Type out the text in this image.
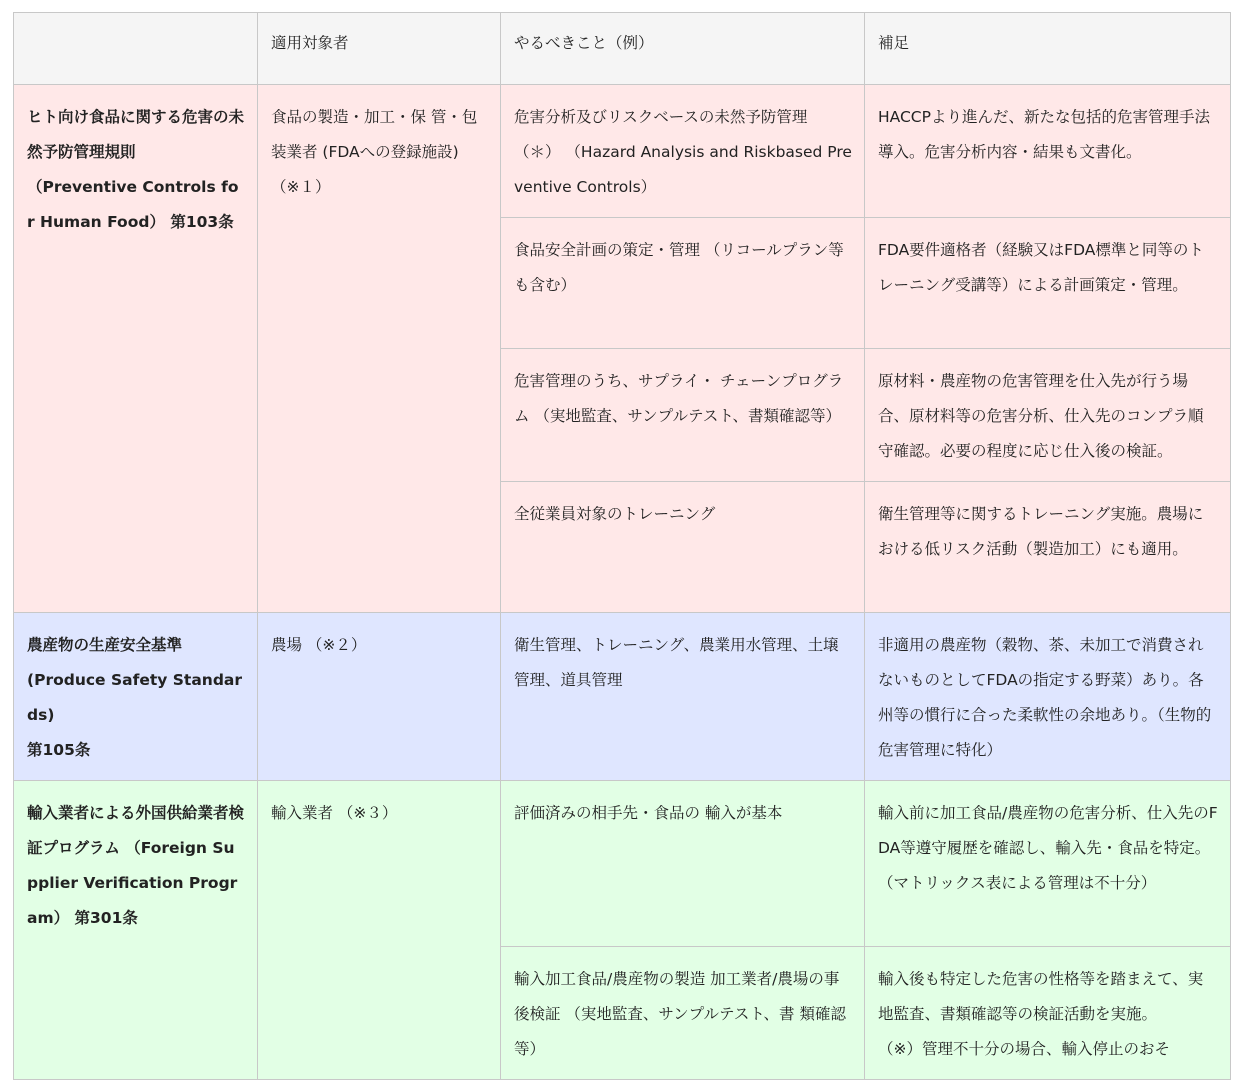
	適用対象者	やるべきこと（例）	補足

ヒト向け食品に関する危害の未然予防管理規則
（Preventive Controls for Human Food） 第103条	食品の製造・加工・保 管・包装業者 (FDAへの登録施設) （※１）	危害分析及びリスクベースの未然予防管理（＊） （Hazard Analysis and Riskbased Preventive Controls）	HACCPより進んだ、新たな包括的危害管理手法導入。危害分析内容・結果も文書化。

		食品安全計画の策定・管理 （リコールプラン等も含む）	FDA要件適格者（経験又はFDA標準と同等のトレーニング受講等）による計画策定・管理。

		危害管理のうち、サプライ・ チェーンプログラム （実地監査、サンプルテスト、書類確認等）	原材料・農産物の危害管理を仕入先が行う場合、原材料等の危害分析、仕入先のコンプラ順守確認。必要の程度に応じ仕入後の検証。

		全従業員対象のトレーニング	衛生管理等に関するトレーニング実施。農場における低リスク活動（製造加工）にも適用。

農産物の生産安全基準
(Produce Safety Standards)
第105条	農場 （※２）	衛生管理、トレーニング、農業用水管理、土壌管理、道具管理	非適用の農産物（穀物、茶、未加工で消費されないものとしてFDAの指定する野菜）あり。各州等の慣行に合った柔軟性の余地あり。（生物的危害管理に特化）

輸入業者による外国供給業者検証プログラム （Foreign Supplier Verification Program） 第301条	輸入業者 （※３）	評価済みの相手先・食品の 輸入が基本	輸入前に加工食品/農産物の危害分析、仕入先のFDA等遵守履歴を確認し、輸入先・食品を特定。（マトリックス表による管理は不十分）

		輸入加工食品/農産物の製造 加工業者/農場の事後検証 （実地監査、サンプルテスト、書 類確認 等）	輸入後も特定した危害の性格等を踏まえて、実地監査、書類確認等の検証活動を実施。
（※）管理不十分の場合、輸入停止のおそ
